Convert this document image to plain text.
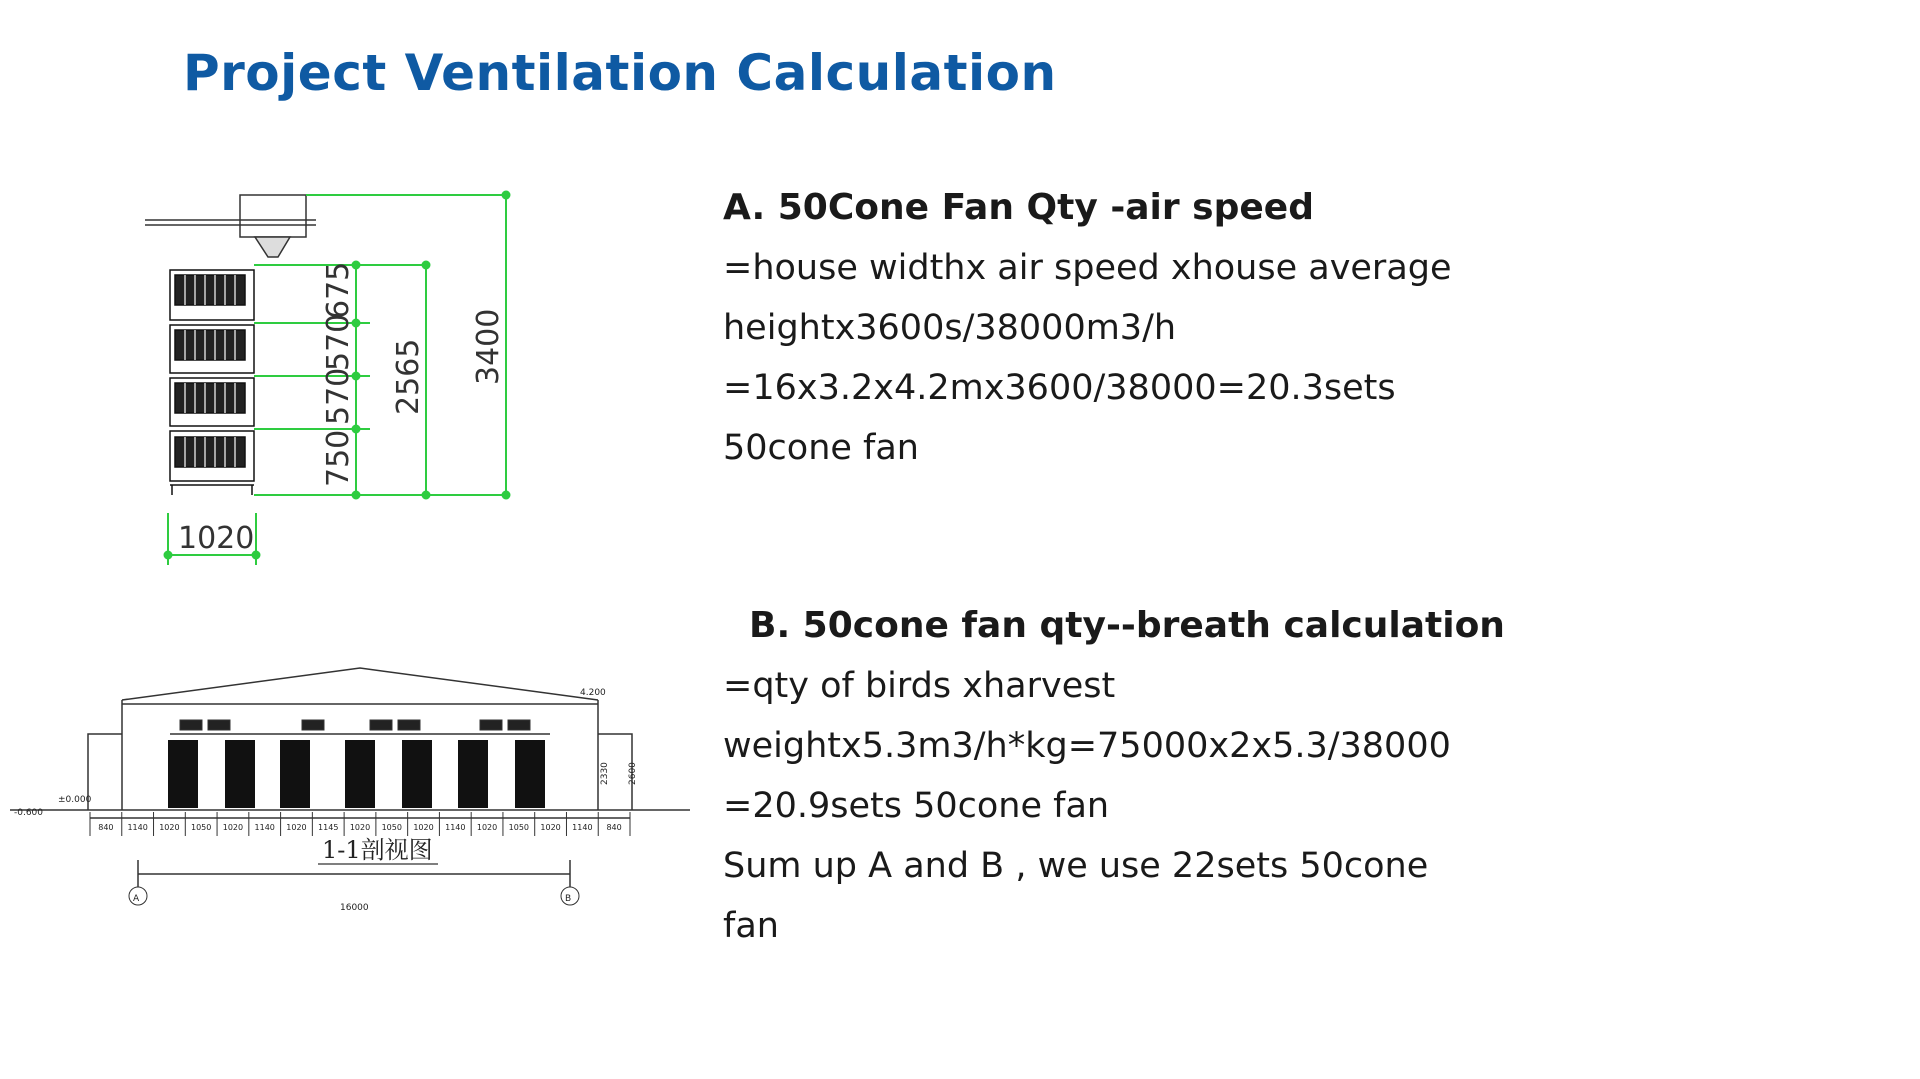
Project Ventilation Calculation
750
570
570
675
2565 3400
1020
A	B
1-1剖视图
16000
±0.000
-0.600
4.200
2330 2600
840 1140 1020 1050 1020 1140 1020 1145 1020 1050 1020 1140 1020 1050 1020 1140 840
A. 50Cone Fan Qty -air speed
=house widthx air speed xhouse average
heightx3600s/38000m3/h
=16x3.2x4.2mx3600/38000=20.3sets
50cone fan
B. 50cone fan qty--breath calculation
=qty of birds xharvest
weightx5.3m3/h*kg=75000x2x5.3/38000
=20.9sets 50cone fan
Sum up A and B , we use 22sets 50cone
fan
